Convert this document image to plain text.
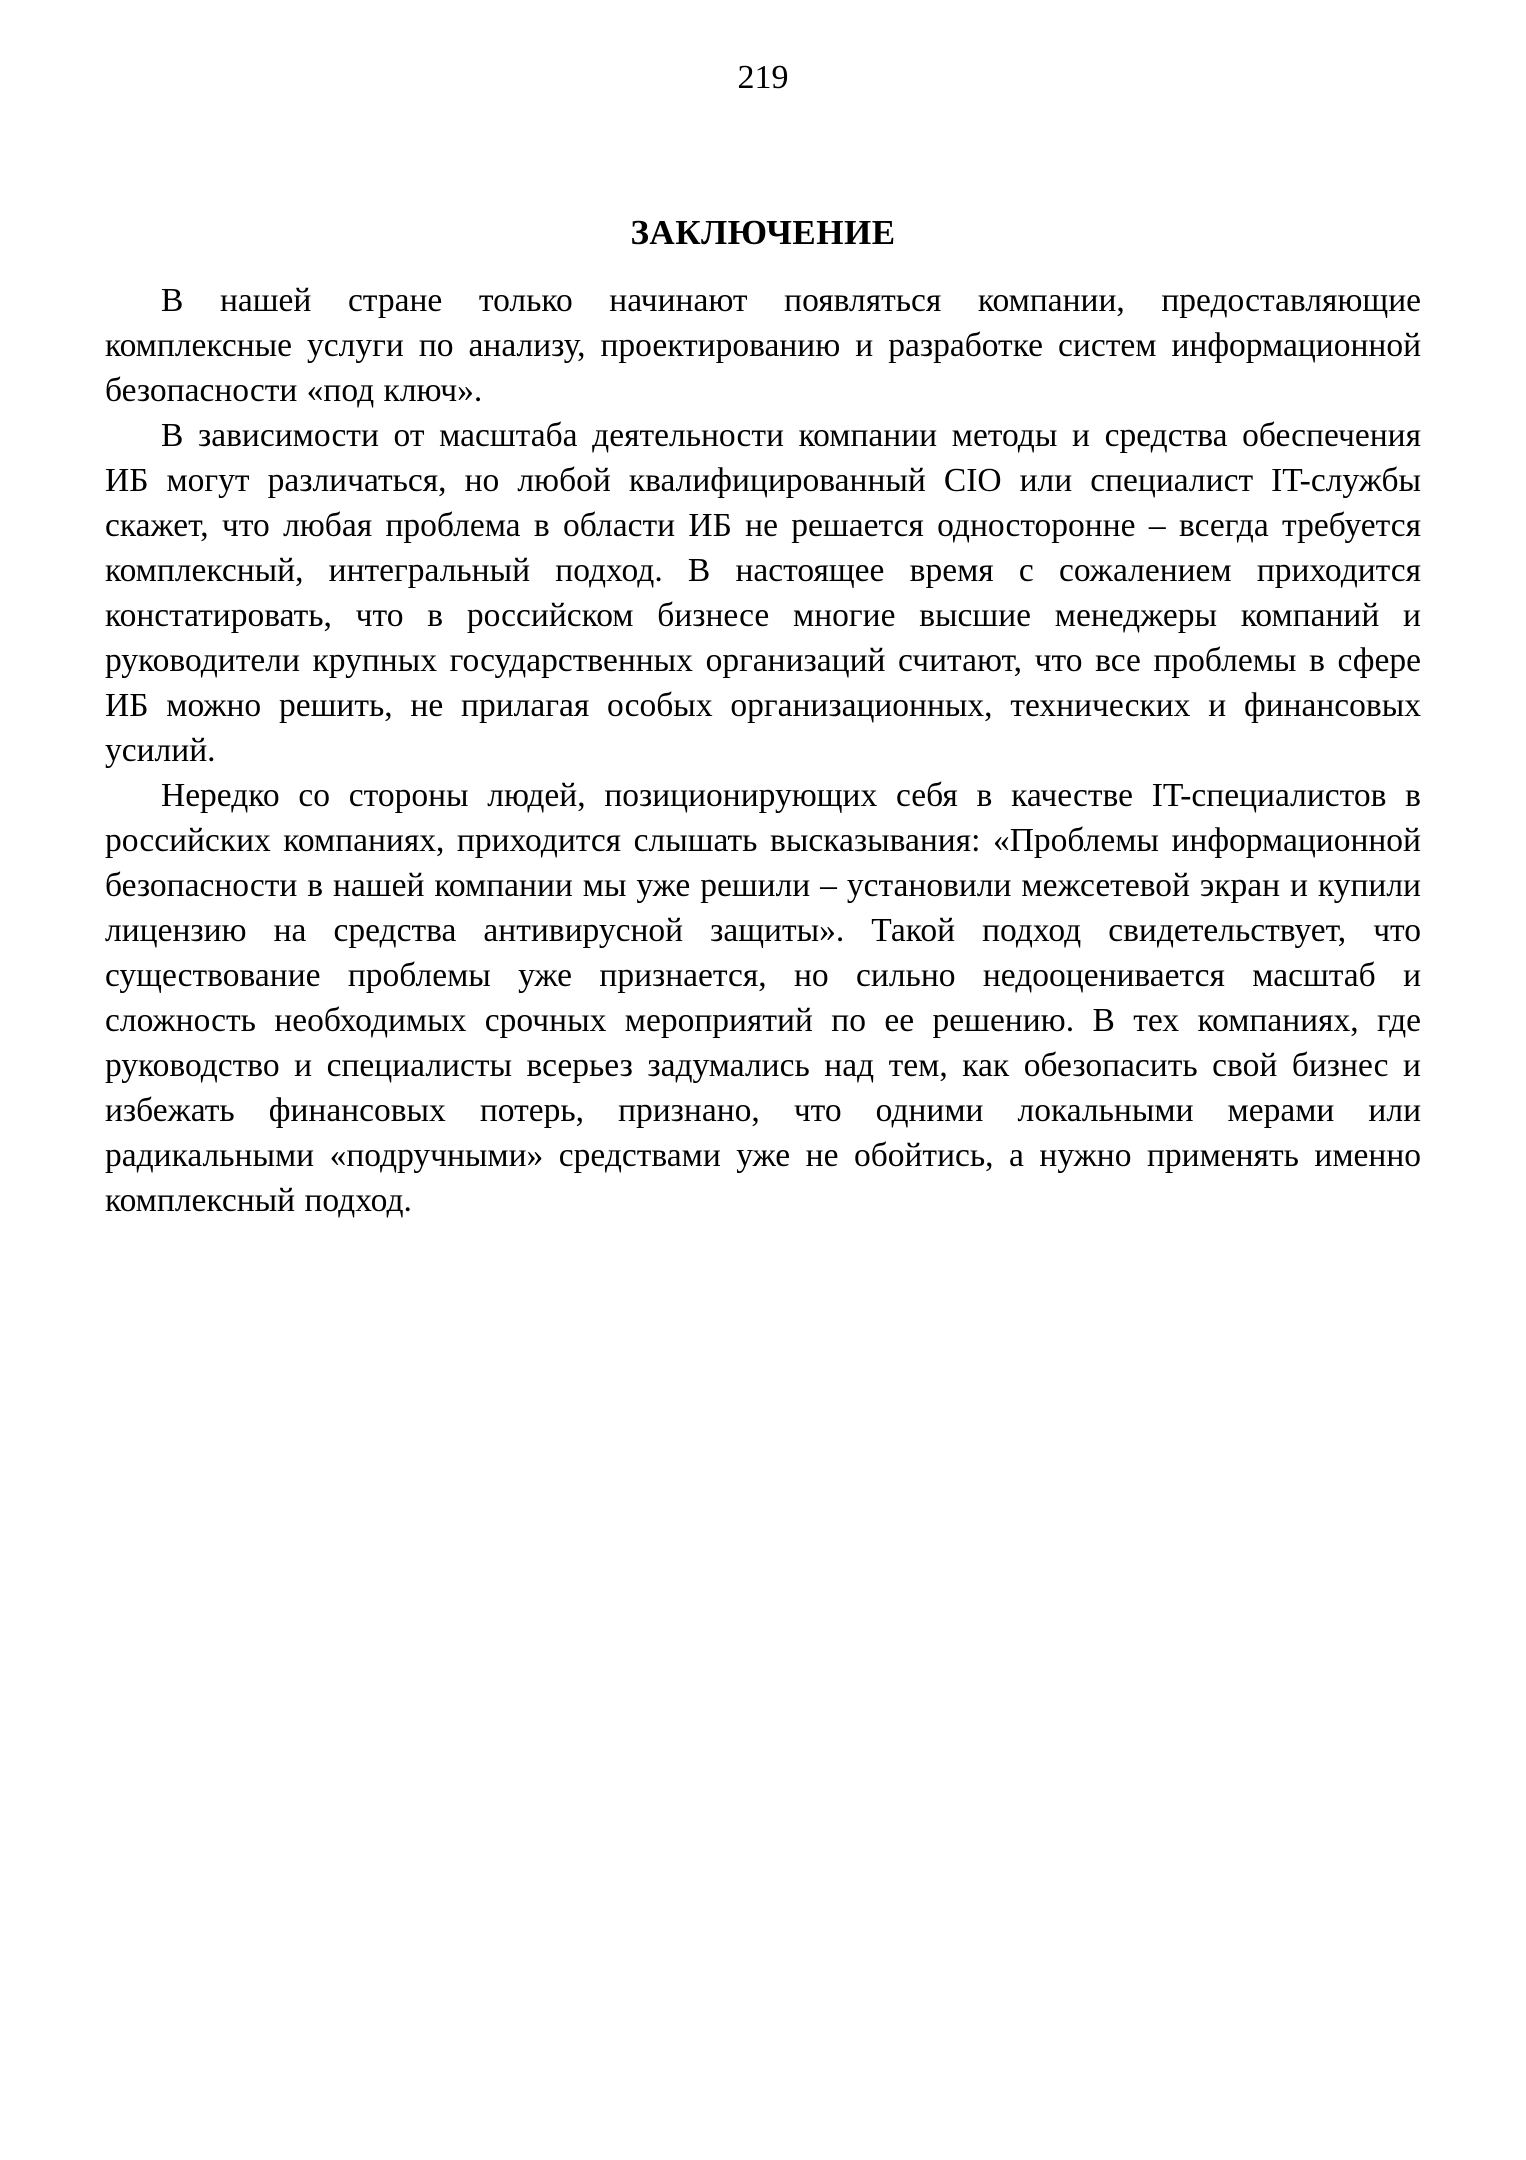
219
ЗАКЛЮЧЕНИЕ

В нашей стране только начинают появляться компании, предоставляющие комплексные услуги по анализу, проектированию и разработке систем информационной безопасности «под ключ».

В зависимости от масштаба деятельности компании методы и средства обеспечения ИБ могут различаться, но любой квалифицированный CIO или специалист IT-службы скажет, что любая проблема в области ИБ не решается односторонне – всегда требуется комплексный, интегральный подход. В настоящее время с сожалением приходится констатировать, что в российском бизнесе многие высшие менеджеры компаний и руководители крупных государственных организаций считают, что все проблемы в сфере ИБ можно решить, не прилагая особых организационных, технических и финансовых усилий.

Нередко со стороны людей, позиционирующих себя в качестве IT-специалистов в российских компаниях, приходится слышать высказывания: «Проблемы информационной безопасности в нашей компании мы уже решили – установили межсетевой экран и купили лицензию на средства антивирусной защиты». Такой подход свидетельствует, что существование проблемы уже признается, но сильно недооценивается масштаб и сложность необходимых срочных мероприятий по ее решению. В тех компаниях, где руководство и специалисты всерьез задумались над тем, как обезопасить свой бизнес и избежать финансовых потерь, признано, что одними локальными мерами или радикальными «подручными» средствами уже не обойтись, а нужно применять именно комплексный подход.
